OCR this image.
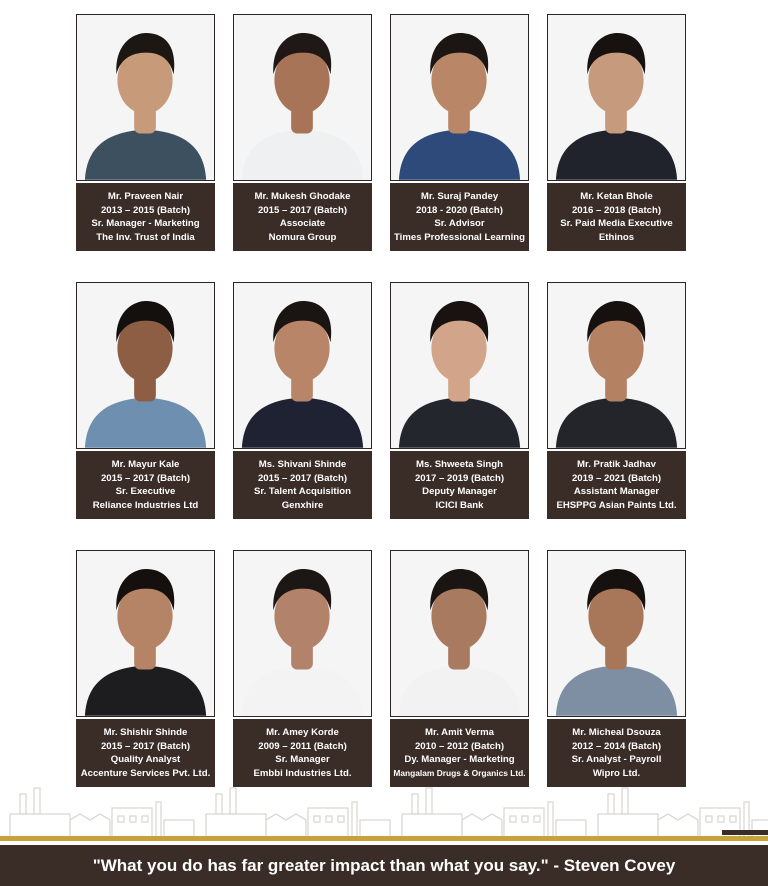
Mr. Praveen Nair
2013 – 2015 (Batch)
Sr. Manager - Marketing
The Inv. Trust of India
Mr. Mukesh Ghodake
2015 – 2017 (Batch)
Associate
Nomura Group
Mr. Suraj Pandey
2018 - 2020 (Batch)
Sr. Advisor
Times Professional Learning
Mr. Ketan Bhole
2016 – 2018 (Batch)
Sr. Paid Media Executive
Ethinos
Mr. Mayur Kale
2015 – 2017 (Batch)
Sr. Executive
Reliance Industries Ltd
Ms. Shivani Shinde
2015 – 2017 (Batch)
Sr. Talent Acquisition
Genxhire
Ms. Shweeta Singh
2017 – 2019 (Batch)
Deputy Manager
ICICI Bank
Mr. Pratik Jadhav
2019 – 2021 (Batch)
Assistant Manager
EHSPPG Asian Paints Ltd.
Mr. Shishir Shinde
2015 – 2017 (Batch)
Quality Analyst
Accenture Services Pvt. Ltd.
Mr. Amey Korde
2009 – 2011 (Batch)
Sr. Manager
Embbi Industries Ltd.
Mr. Amit Verma
2010 – 2012 (Batch)
Dy. Manager - Marketing
Mangalam Drugs & Organics Ltd.
Mr. Micheal Dsouza
2012 – 2014 (Batch)
Sr. Analyst - Payroll
Wipro Ltd.
"What you do has far greater impact than what you say." - Steven Covey
